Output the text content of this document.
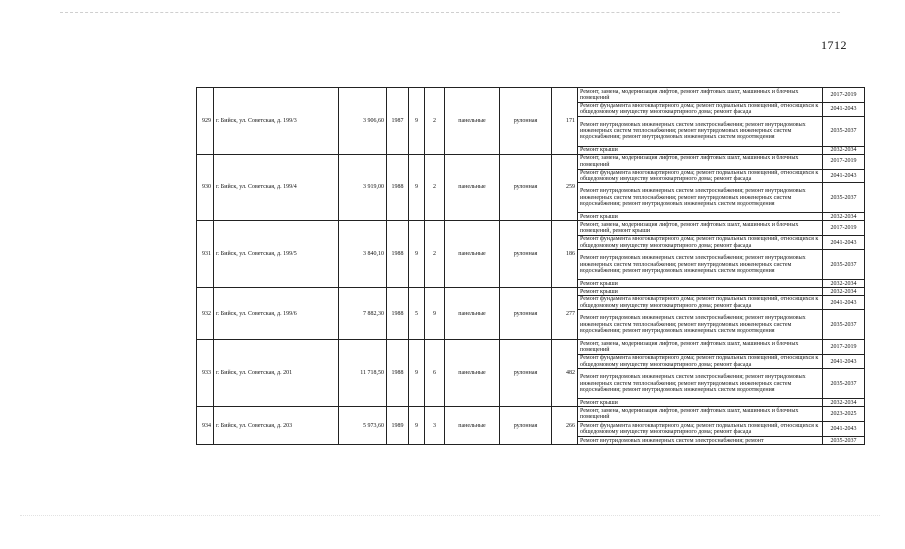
1712
929	г. Бийск, ул. Советская, д. 199/3	3 906,60	1987	9	2	панельные	рулонная	171	Ремонт, замена, модернизация лифтов, ремонт лифтовых шахт, машинных и блочных помещений	2017-2019
									Ремонт фундамента многоквартирного дома; ремонт подвальных помещений, относящихся к общедомовому имуществу многоквартирного дома; ремонт фасада	2041-2043
									Ремонт внутридомовых инженерных систем электроснабжения; ремонт внутридомовых инженерных систем теплоснабжения; ремонт внутридомовых инженерных систем водоснабжения; ремонт внутридомовых инженерных систем водоотведения	2035-2037
									Ремонт крыши	2032-2034
930	г. Бийск, ул. Советская, д. 199/4	3 919,00	1988	9	2	панельные	рулонная	259	Ремонт, замена, модернизация лифтов, ремонт лифтовых шахт, машинных и блочных помещений	2017-2019
									Ремонт фундамента многоквартирного дома; ремонт подвальных помещений, относящихся к общедомовому имуществу многоквартирного дома; ремонт фасада	2041-2043
									Ремонт внутридомовых инженерных систем электроснабжения; ремонт внутридомовых инженерных систем теплоснабжения; ремонт внутридомовых инженерных систем водоснабжения; ремонт внутридомовых инженерных систем водоотведения	2035-2037
									Ремонт крыши	2032-2034
931	г. Бийск, ул. Советская, д. 199/5	3 840,10	1988	9	2	панельные	рулонная	186	Ремонт, замена, модернизация лифтов, ремонт лифтовых шахт, машинных и блочных помещений, ремонт крыши	2017-2019
									Ремонт фундамента многоквартирного дома; ремонт подвальных помещений, относящихся к общедомовому имуществу многоквартирного дома; ремонт фасада	2041-2043
									Ремонт внутридомовых инженерных систем электроснабжения; ремонт внутридомовых инженерных систем теплоснабжения; ремонт внутридомовых инженерных систем водоснабжения; ремонт внутридомовых инженерных систем водоотведения	2035-2037
									Ремонт крыши	2032-2034
932	г. Бийск, ул. Советская, д. 199/6	7 882,30	1988	5	9	панельные	рулонная	277	Ремонт крыши	2032-2034
									Ремонт фундамента многоквартирного дома; ремонт подвальных помещений, относящихся к общедомовому имуществу многоквартирного дома; ремонт фасада	2041-2043
									Ремонт внутридомовых инженерных систем электроснабжения; ремонт внутридомовых инженерных систем теплоснабжения; ремонт внутридомовых инженерных систем водоснабжения; ремонт внутридомовых инженерных систем водоотведения	2035-2037
933	г. Бийск, ул. Советская, д. 201	11 718,50	1988	9	6	панельные	рулонная	482	Ремонт, замена, модернизация лифтов, ремонт лифтовых шахт, машинных и блочных помещений	2017-2019
									Ремонт фундамента многоквартирного дома; ремонт подвальных помещений, относящихся к общедомовому имуществу многоквартирного дома; ремонт фасада	2041-2043
									Ремонт внутридомовых инженерных систем электроснабжения; ремонт внутридомовых инженерных систем теплоснабжения; ремонт внутридомовых инженерных систем водоснабжения; ремонт внутридомовых инженерных систем водоотведения	2035-2037
									Ремонт крыши	2032-2034
934	г. Бийск, ул. Советская, д. 203	5 973,60	1989	9	3	панельные	рулонная	266	Ремонт, замена, модернизация лифтов, ремонт лифтовых шахт, машинных и блочных помещений	2023-2025
									Ремонт фундамента многоквартирного дома; ремонт подвальных помещений, относящихся к общедомовому имуществу многоквартирного дома; ремонт фасада	2041-2043
									Ремонт внутридомовых инженерных систем электроснабжения; ремонт	2035-2037
